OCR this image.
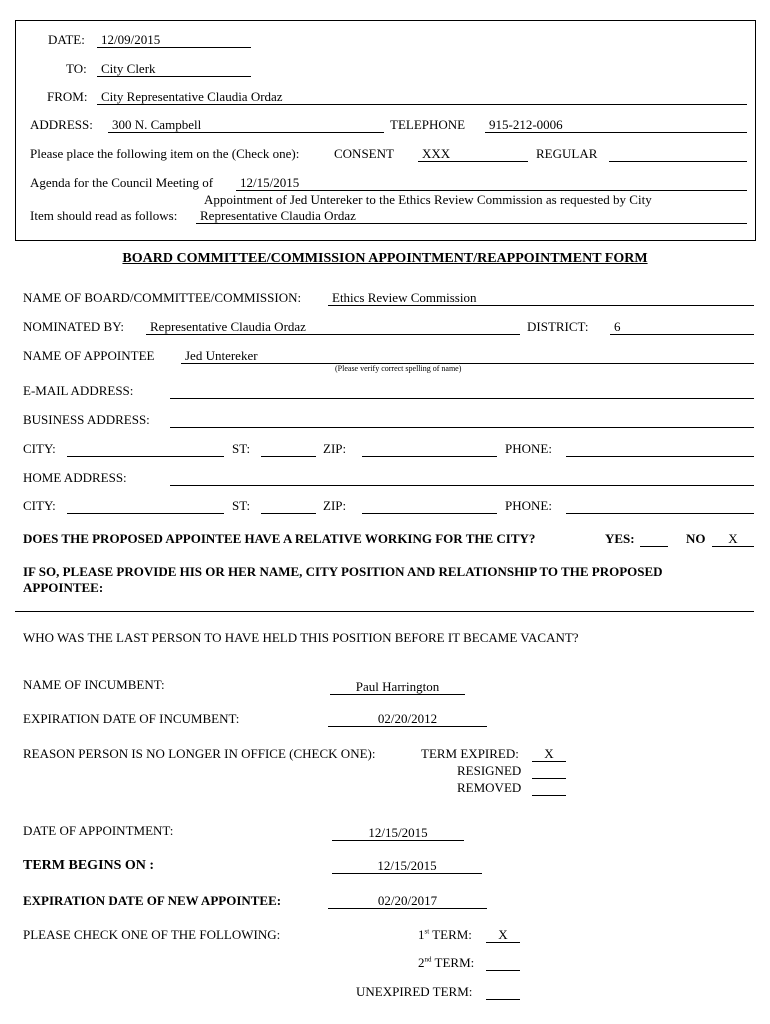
DATE:	12/09/2015
TO:	City Clerk
FROM:	City Representative Claudia Ordaz
ADDRESS:	300 N. Campbell	TELEPHONE	915-212-0006
Please place the following item on the (Check one):	CONSENT	XXX	REGULAR
Agenda for the Council Meeting of	12/15/2015
Appointment of Jed Untereker to the Ethics Review Commission as requested by City
Item should read as follows:	Representative Claudia Ordaz
BOARD COMMITTEE/COMMISSION APPOINTMENT/REAPPOINTMENT FORM
NAME OF BOARD/COMMITTEE/COMMISSION:	Ethics Review Commission
NOMINATED BY:	Representative Claudia Ordaz	DISTRICT:	6
NAME OF APPOINTEE	Jed Untereker
(Please verify correct spelling of name)
E-MAIL ADDRESS:
BUSINESS ADDRESS:
CITY:	ST:	ZIP:	PHONE:
HOME ADDRESS:
CITY:	ST:	ZIP:	PHONE:
DOES THE PROPOSED APPOINTEE HAVE A RELATIVE WORKING FOR THE CITY?	YES:	NO	X
IF SO, PLEASE PROVIDE HIS OR HER NAME, CITY POSITION AND RELATIONSHIP TO THE PROPOSED
APPOINTEE:
WHO WAS THE LAST PERSON TO HAVE HELD THIS POSITION BEFORE IT BECAME VACANT?
NAME OF INCUMBENT:	Paul Harrington
EXPIRATION DATE OF INCUMBENT:	02/20/2012
REASON PERSON IS NO LONGER IN OFFICE (CHECK ONE):	TERM EXPIRED:	X
RESIGNED
REMOVED
DATE OF APPOINTMENT:	12/15/2015
TERM BEGINS ON :	12/15/2015
EXPIRATION DATE OF NEW APPOINTEE:	02/20/2017
PLEASE CHECK ONE OF THE FOLLOWING:	1st TERM:	X
2nd TERM:
UNEXPIRED TERM:
